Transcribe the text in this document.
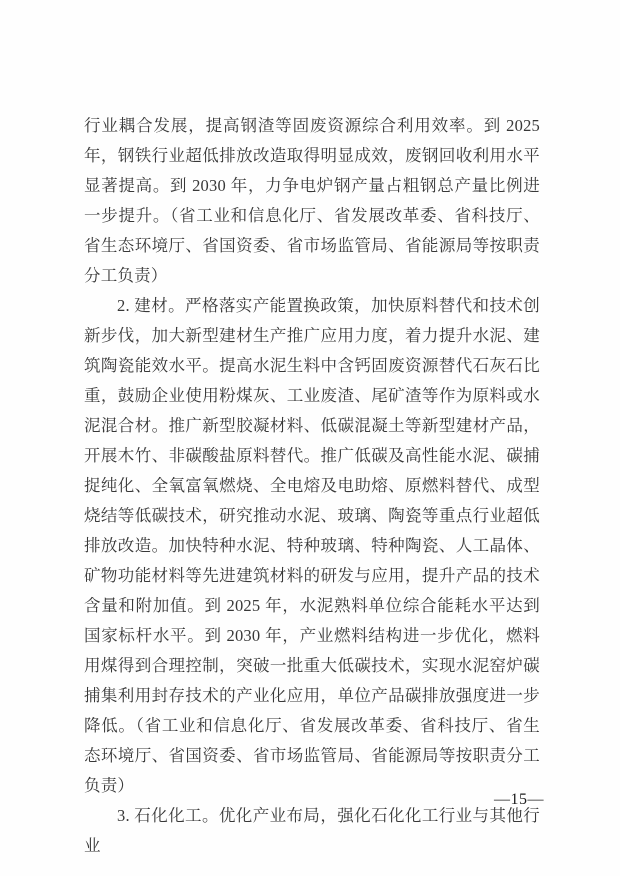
行业耦合发展，提高钢渣等固废资源综合利用效率。到 2025 年，钢铁行业超低排放改造取得明显成效，废钢回收利用水平显著提高。到 2030 年，力争电炉钢产量占粗钢总产量比例进一步提升。（省工业和信息化厅、省发展改革委、省科技厅、省生态环境厅、省国资委、省市场监管局、省能源局等按职责分工负责）

2. 建材。严格落实产能置换政策，加快原料替代和技术创新步伐，加大新型建材生产推广应用力度，着力提升水泥、建筑陶瓷能效水平。提高水泥生料中含钙固废资源替代石灰石比重，鼓励企业使用粉煤灰、工业废渣、尾矿渣等作为原料或水泥混合材。推广新型胶凝材料、低碳混凝土等新型建材产品，开展木竹、非碳酸盐原料替代。推广低碳及高性能水泥、碳捕捉纯化、全氧富氧燃烧、全电熔及电助熔、原燃料替代、成型烧结等低碳技术，研究推动水泥、玻璃、陶瓷等重点行业超低排放改造。加快特种水泥、特种玻璃、特种陶瓷、人工晶体、矿物功能材料等先进建筑材料的研发与应用，提升产品的技术含量和附加值。到 2025 年，水泥熟料单位综合能耗水平达到国家标杆水平。到 2030 年，产业燃料结构进一步优化，燃料用煤得到合理控制，突破一批重大低碳技术，实现水泥窑炉碳捕集利用封存技术的产业化应用，单位产品碳排放强度进一步降低。（省工业和信息化厅、省发展改革委、省科技厅、省生态环境厅、省国资委、省市场监管局、省能源局等按职责分工负责）

3. 石化化工。优化产业布局，强化石化化工行业与其他行业

—15—
